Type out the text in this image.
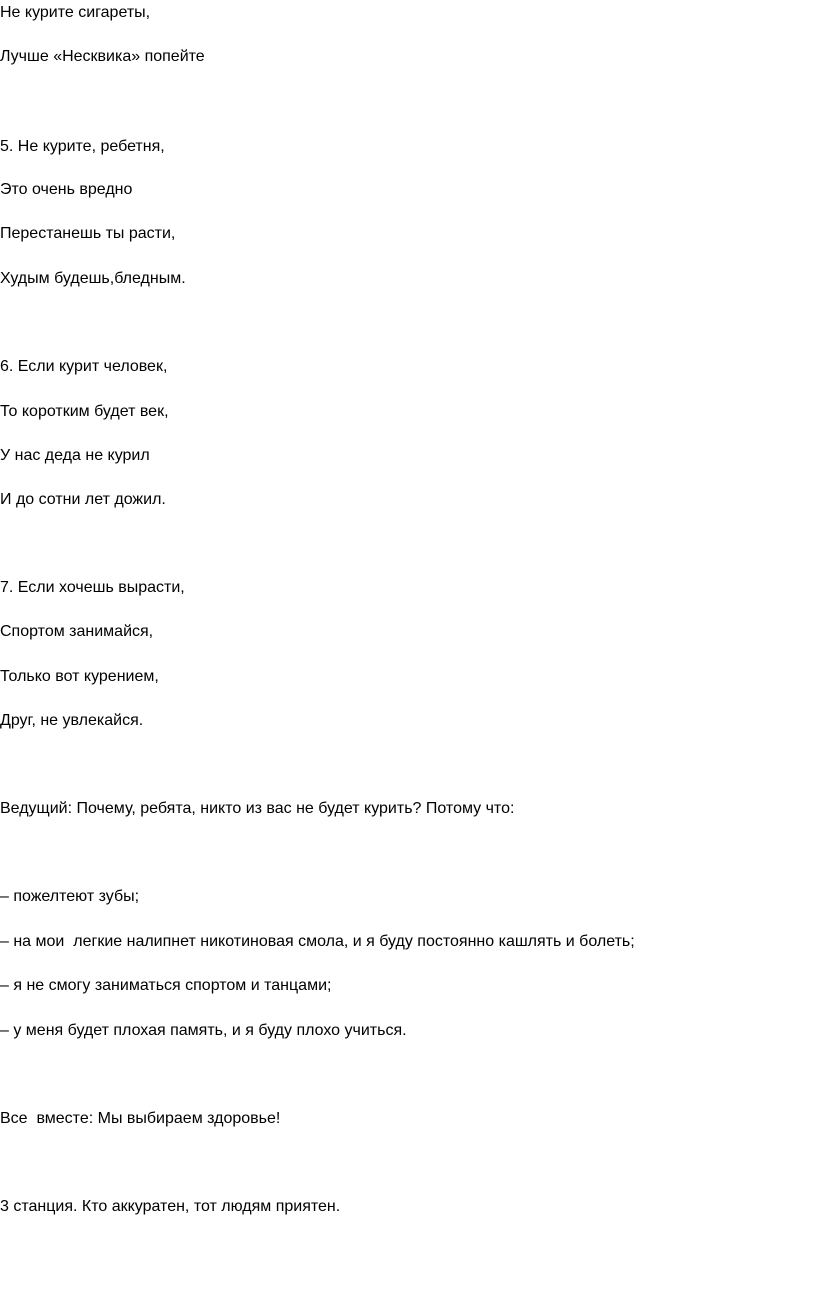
Не курите сигареты,

Лучше «Несквика» попейте

5. Не курите, ребетня,

Это очень вредно

Перестанешь ты расти,

Худым будешь,бледным.

6. Если курит человек,

То коротким будет век,

У нас деда не курил

И до сотни лет дожил.

7. Если хочешь вырасти,

Спортом занимайся,

Только вот курением,

Друг, не увлекайся.

Ведущий: Почему, ребята, никто из вас не будет курить? Потому что:

– пожелтеют зубы;

– на мои  легкие налипнет никотиновая смола, и я буду постоянно кашлять и болеть;

– я не смогу заниматься спортом и танцами;

– у меня будет плохая память, и я буду плохо учиться.

Все  вместе: Мы выбираем здоровье!

3 станция. Кто аккуратен, тот людям приятен.
